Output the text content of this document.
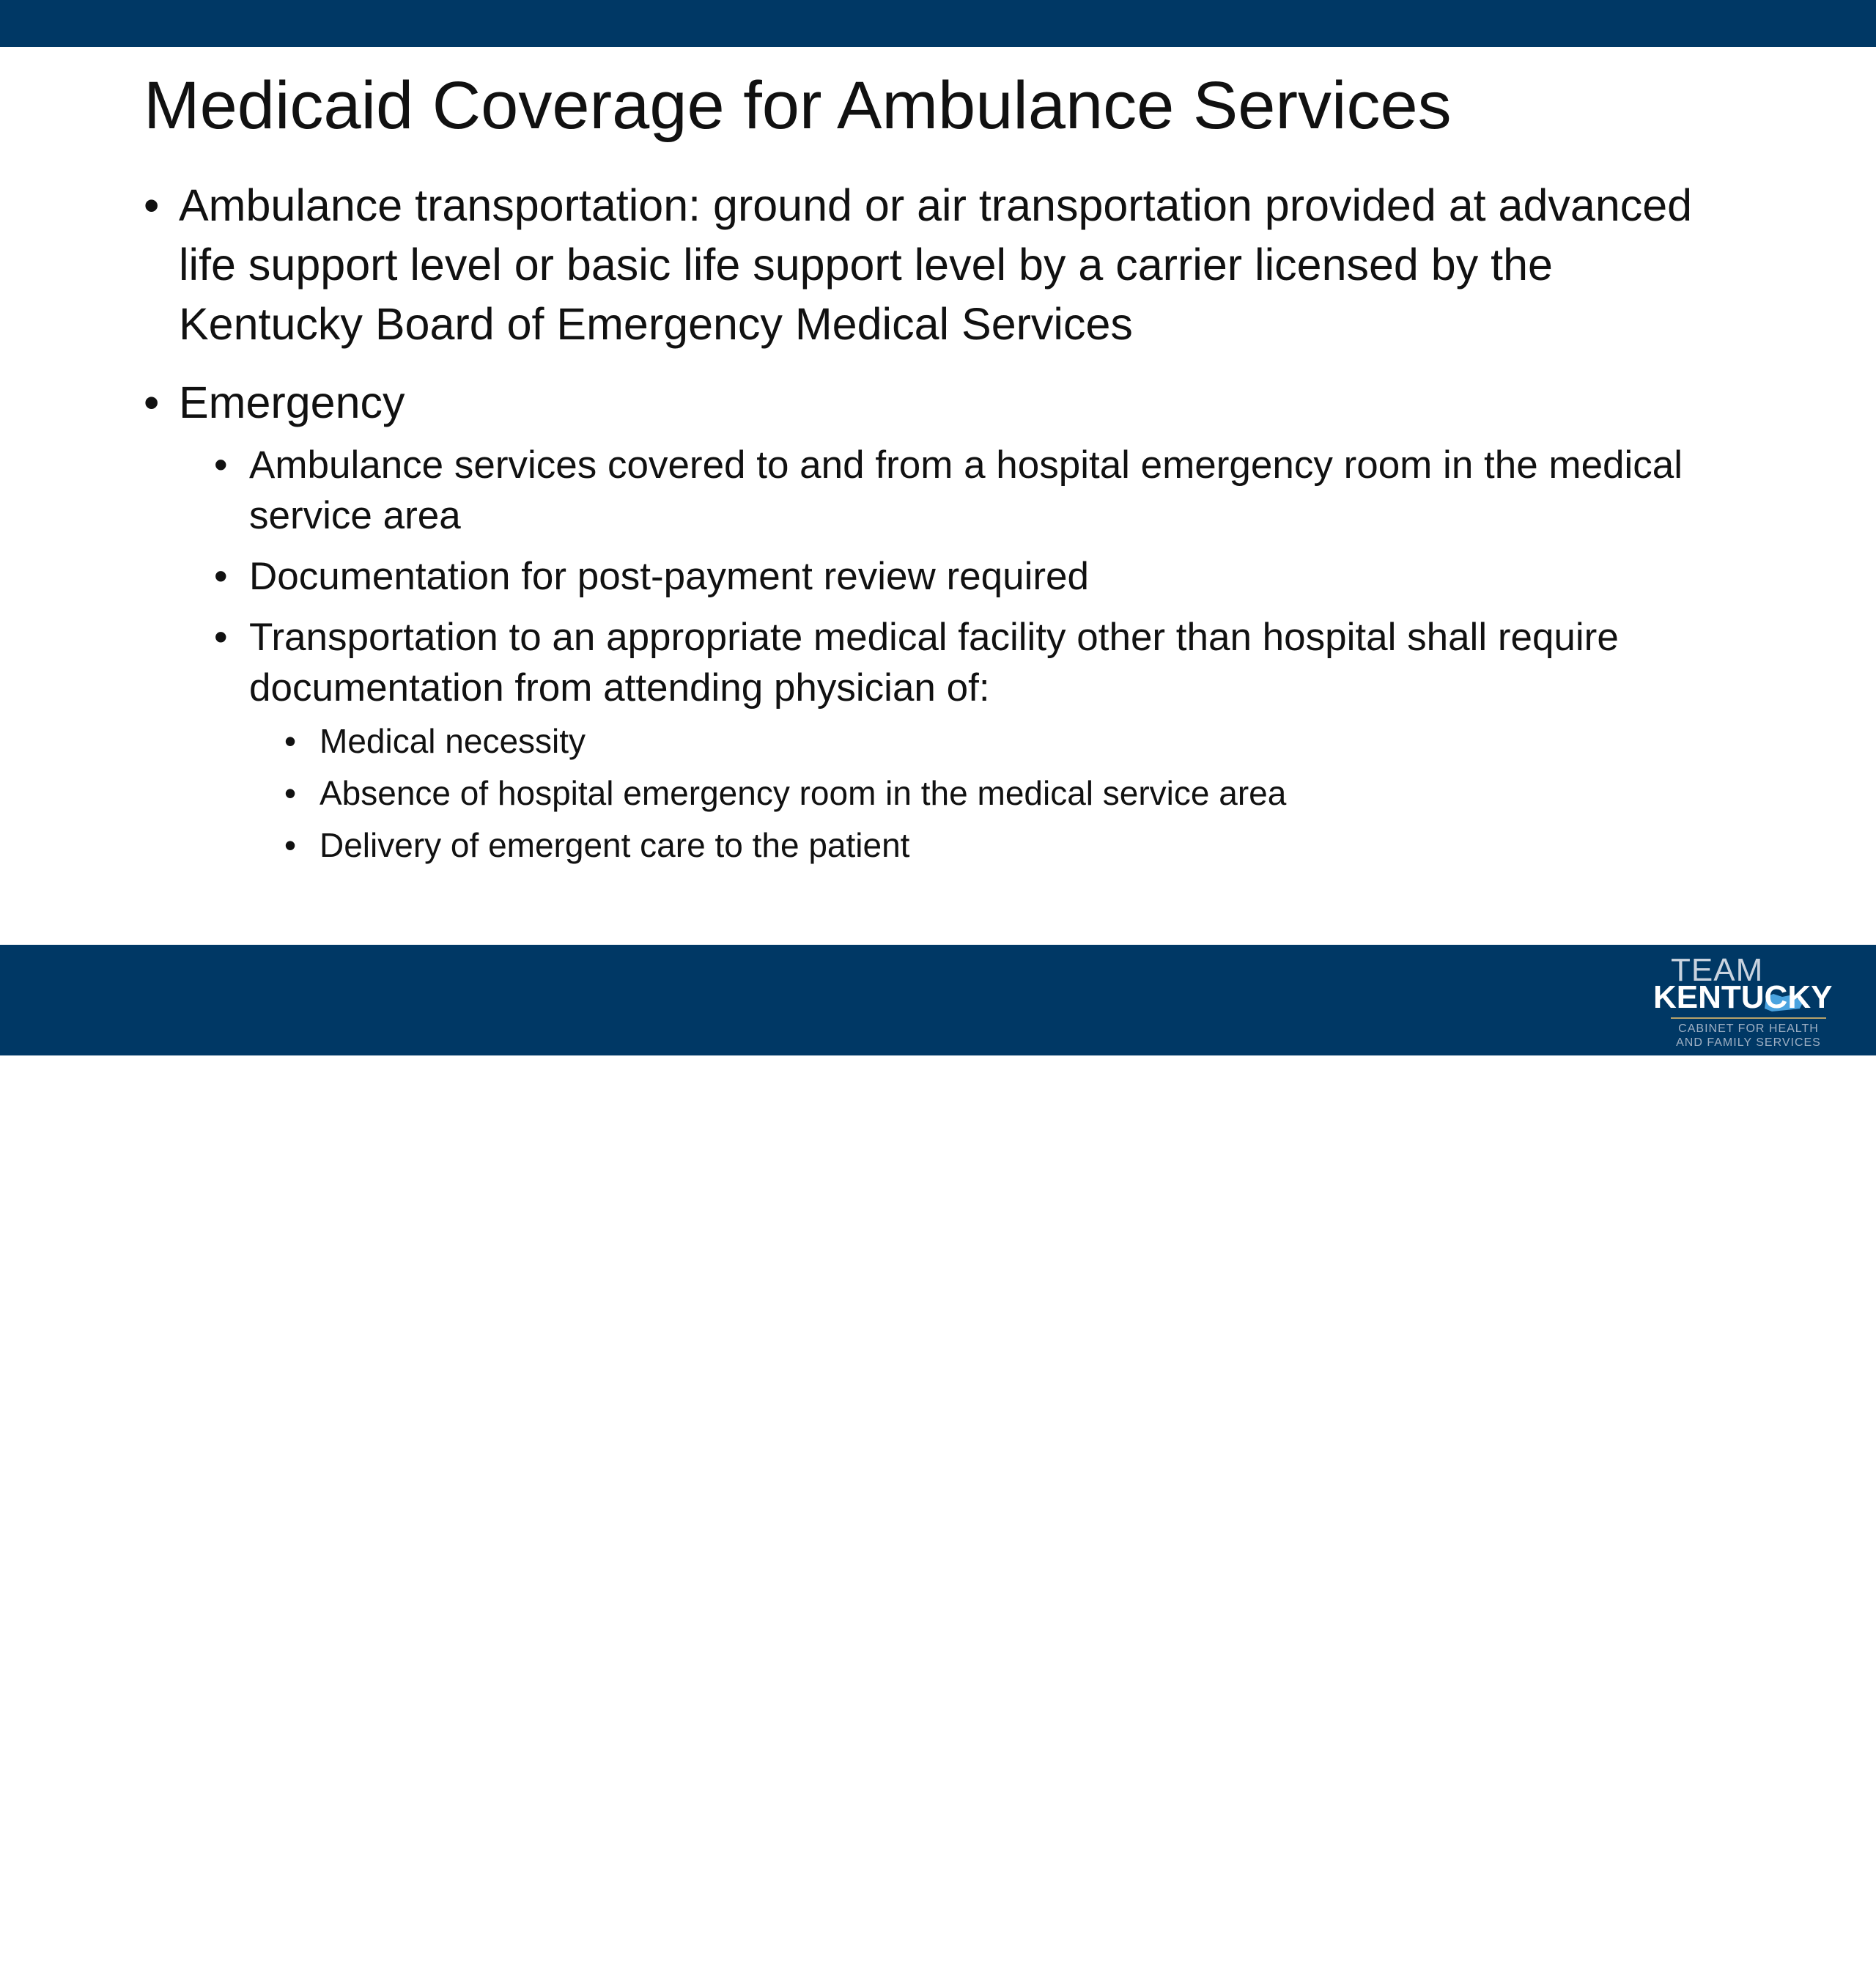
Medicaid Coverage for Ambulance Services
• Ambulance transportation: ground or air transportation provided at advanced life support level or basic life support level by a carrier licensed by the Kentucky Board of Emergency Medical Services
• Emergency
• Ambulance services covered to and from a hospital emergency room in the medical service area
• Documentation for post-payment review required
• Transportation to an appropriate medical facility other than hospital shall require documentation from attending physician of:
• Medical necessity
• Absence of hospital emergency room in the medical service area
• Delivery of emergent care to the patient
2
TEAM
KENTUCKY
CABINET FOR HEALTH
AND FAMILY SERVICES
